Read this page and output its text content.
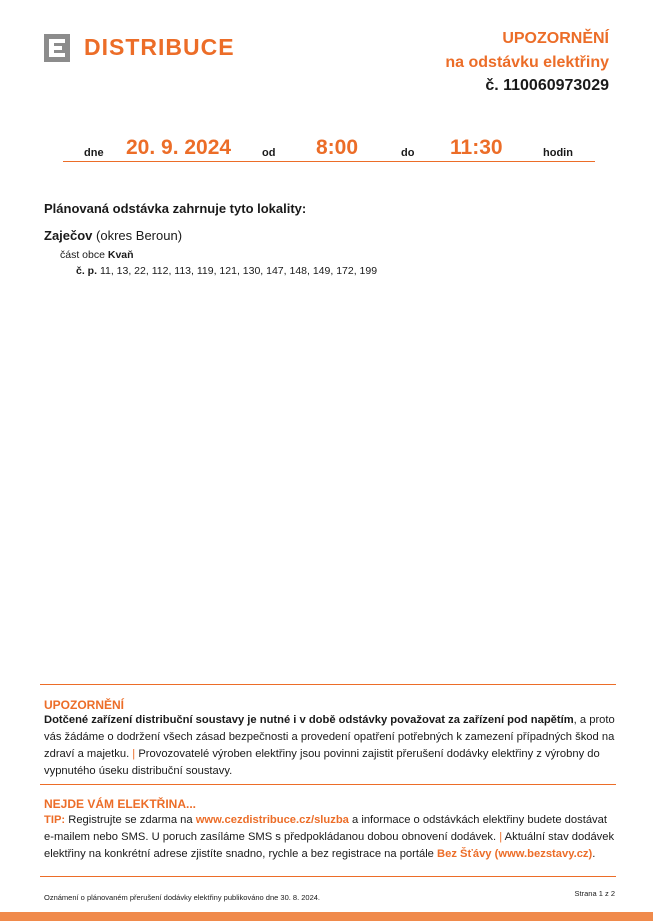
DISTRIBUCE	UPOZORNĚNÍ
na odstávku elektřiny
č. 110060973029
dne 20. 9. 2024	od 8:00	do 11:30	hodin
Plánovaná odstávka zahrnuje tyto lokality:
Zaječov (okres Beroun)
část obce Kvaň
č. p. 11, 13, 22, 112, 113, 119, 121, 130, 147, 148, 149, 172, 199
UPOZORNĚNÍ
Dotčené zařízení distribuční soustavy je nutné i v době odstávky považovat za zařízení pod napětím, a proto vás žádáme o dodržení všech zásad bezpečnosti a provedení opatření potřebných k zamezení případných škod na zdraví a majetku. | Provozovatelé výroben elektřiny jsou povinni zajistit přerušení dodávky elektřiny z výrobny do vypnutého úseku distribuční soustavy.
NEJDE VÁM ELEKTŘINA...
TIP: Registrujte se zdarma na www.cezdistribuce.cz/sluzba a informace o odstávkách elektřiny budete dostávat e-mailem nebo SMS. U poruch zasíláme SMS s předpokládanou dobou obnovení dodávek. | Aktuální stav dodávek elektřiny na konkrétní adrese zjistíte snadno, rychle a bez registrace na portále Bez Šťávy (www.bezstavy.cz).
Oznámení o plánovaném přerušení dodávky elektřiny publikováno dne 30. 8. 2024.	Strana 1 z 2
